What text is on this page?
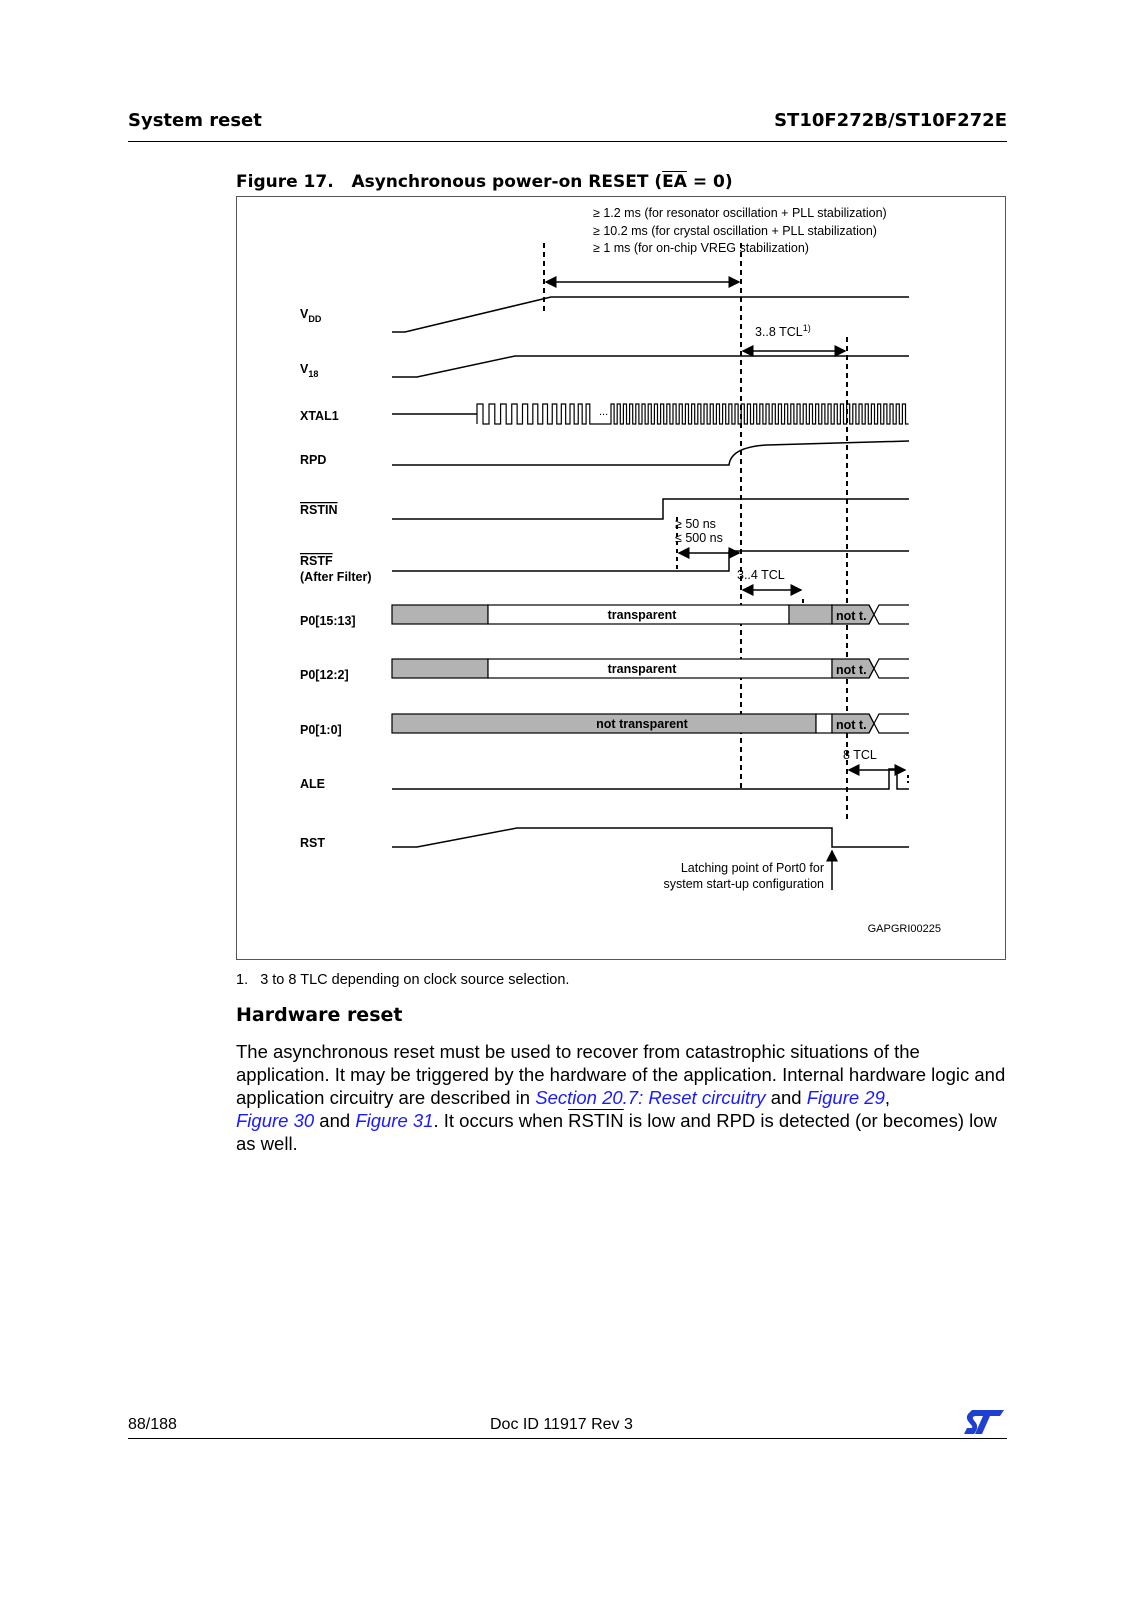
System reset	ST10F272B/ST10F272E
Figure 17. Asynchronous power-on RESET $(\overline{EA} = 0)$
≥ 1.2 ms (for resonator oscillation + PLL stabilization)
≥ 10.2 ms (for crystal oscillation + PLL stabilization)
≥ 1 ms (for on-chip VREG stabilization)
3..8 $TCL^{1)}$
≥ 50 ns
≤ 500 ns
3..4 TCL
8 TCL
$V_{DD}$
$V_{18}$
XTAL1
RPD
RSTIN
RSTF
(After Filter)
P0[15:13]
P0[12:2]
P0[1:0]
ALE
RST
...
transparent	not t.
transparent	not t.
not transparent	not t.
Latching point of Port0 for
system start-up configuration
GAPGRI00225
1. 3 to 8 TLC depending on clock source selection.
Hardware reset
The asynchronous reset must be used to recover from catastrophic situations of the application. It may be triggered by the hardware of the application. Internal hardware logic and application circuitry are described in Section 20.7: Reset circuitry and Figure 29,
Figure 30 and Figure 31. It occurs when RSTIN is low and RPD is detected (or becomes) low as well.
88/188	Doc ID 11917 Rev 3
